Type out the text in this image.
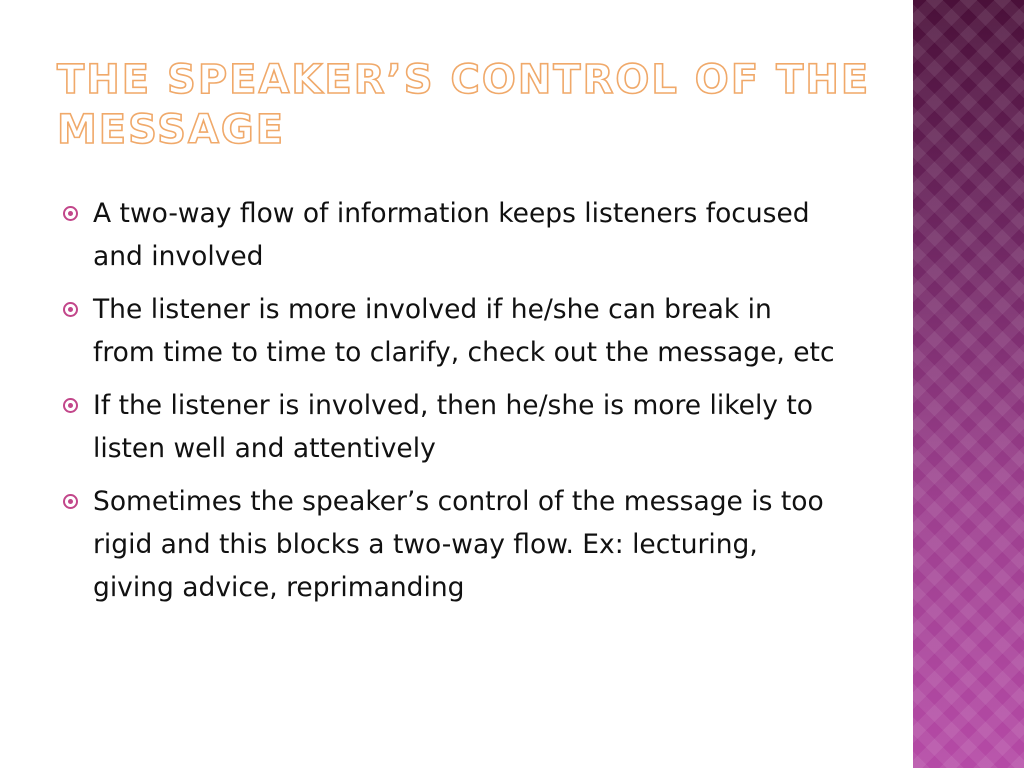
THE SPEAKER’S CONTROL OF THE MESSAGE
A two-way flow of information keeps listeners focused and involved
The listener is more involved if he/she can break in from time to time to clarify, check out the message, etc
If the listener is involved, then he/she is more likely to listen well and attentively
Sometimes the speaker’s control of the message is too rigid and this blocks a two-way flow. Ex: lecturing, giving advice, reprimanding
